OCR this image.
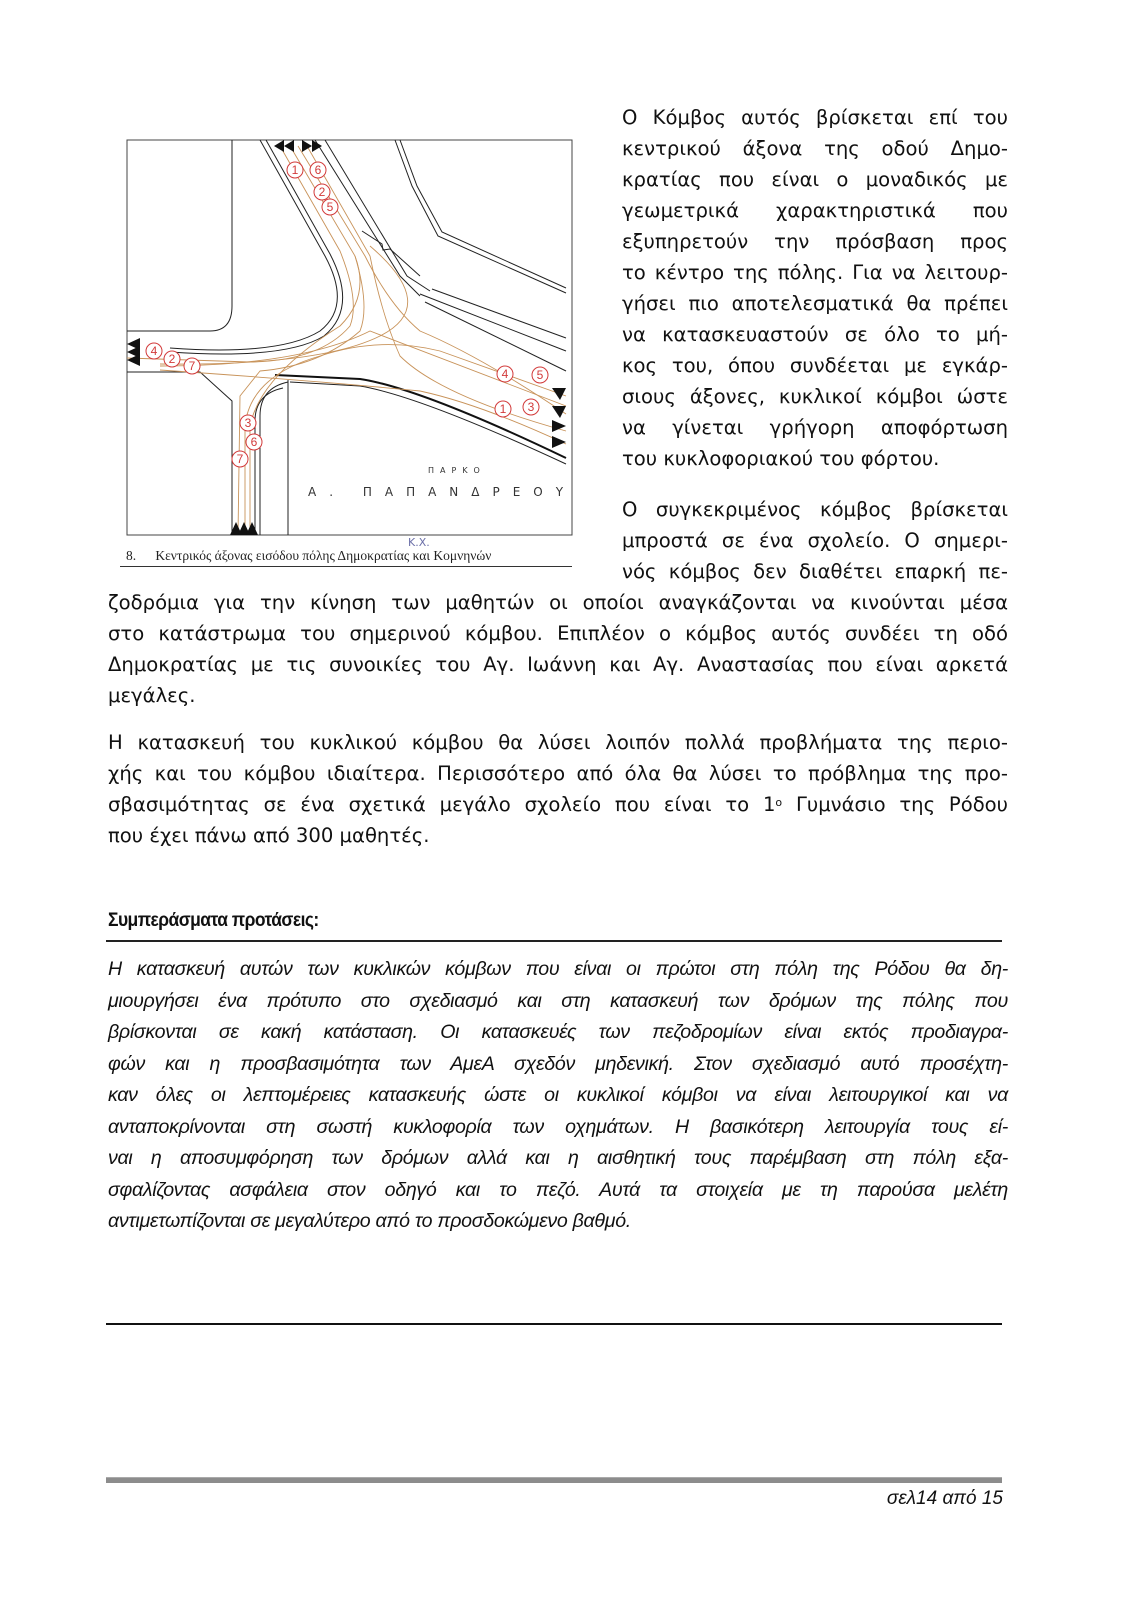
1 6
2
5
4
2 7
3
6
7
4 5
1 3
ΠΑΡΚΟ
Α. ΠΑΠΑΝΔΡΕΟΥ
Κ.Χ.
8. Κεντρικός άξονας εισόδου πόλης Δημοκρατίας και Κομνηνών
Ο Κόμβος αυτός βρίσκεται επί του
κεντρικού άξονα της οδού Δημο-
κρατίας που είναι ο μοναδικός με
γεωμετρικά χαρακτηριστικά που
εξυπηρετούν την πρόσβαση προς
το κέντρο της πόλης. Για να λειτουρ-
γήσει πιο αποτελεσματικά θα πρέπει
να κατασκευαστούν σε όλο το μή-
κος του, όπου συνδέεται με εγκάρ-
σιους άξονες, κυκλικοί κόμβοι ώστε
να γίνεται γρήγορη αποφόρτωση
του κυκλοφοριακού του φόρτου.
Ο συγκεκριμένος κόμβος βρίσκεται
μπροστά σε ένα σχολείο. Ο σημερι-
νός κόμβος δεν διαθέτει επαρκή πε-
ζοδρόμια για την κίνηση των μαθητών οι οποίοι αναγκάζονται να κινούνται μέσα
στο κατάστρωμα του σημερινού κόμβου. Επιπλέον ο κόμβος αυτός συνδέει τη οδό
Δημοκρατίας με τις συνοικίες του Αγ. Ιωάννη και Αγ. Αναστασίας που είναι αρκετά
μεγάλες.
Η κατασκευή του κυκλικού κόμβου θα λύσει λοιπόν πολλά προβλήματα της περιο-
χής και του κόμβου ιδιαίτερα. Περισσότερο από όλα θα λύσει το πρόβλημα της προ-
σβασιμότητας σε ένα σχετικά μεγάλο σχολείο που είναι το $1^o$ Γυμνάσιο της Ρόδου
που έχει πάνω από 300 μαθητές.
Συμπεράσματα προτάσεις:
Η κατασκευή αυτών των κυκλικών κόμβων που είναι οι πρώτοι στη πόλη της Ρόδου θα δη-
μιουργήσει ένα πρότυπο στο σχεδιασμό και στη κατασκευή των δρόμων της πόλης που
βρίσκονται σε κακή κατάσταση. Οι κατασκευές των πεζοδρομίων είναι εκτός προδιαγρα-
φών και η προσβασιμότητα των ΑμεΑ σχεδόν μηδενική. Στον σχεδιασμό αυτό προσέχτη-
καν όλες οι λεπτομέρειες κατασκευής ώστε οι κυκλικοί κόμβοι να είναι λειτουργικοί και να
ανταποκρίνονται στη σωστή κυκλοφορία των οχημάτων. Η βασικότερη λειτουργία τους εί-
ναι η αποσυμφόρηση των δρόμων αλλά και η αισθητική τους παρέμβαση στη πόλη εξα-
σφαλίζοντας ασφάλεια στον οδηγό και το πεζό. Αυτά τα στοιχεία με τη παρούσα μελέτη
αντιμετωπίζονται σε μεγαλύτερο από το προσδοκώμενο βαθμό.
σελ14 από 15
